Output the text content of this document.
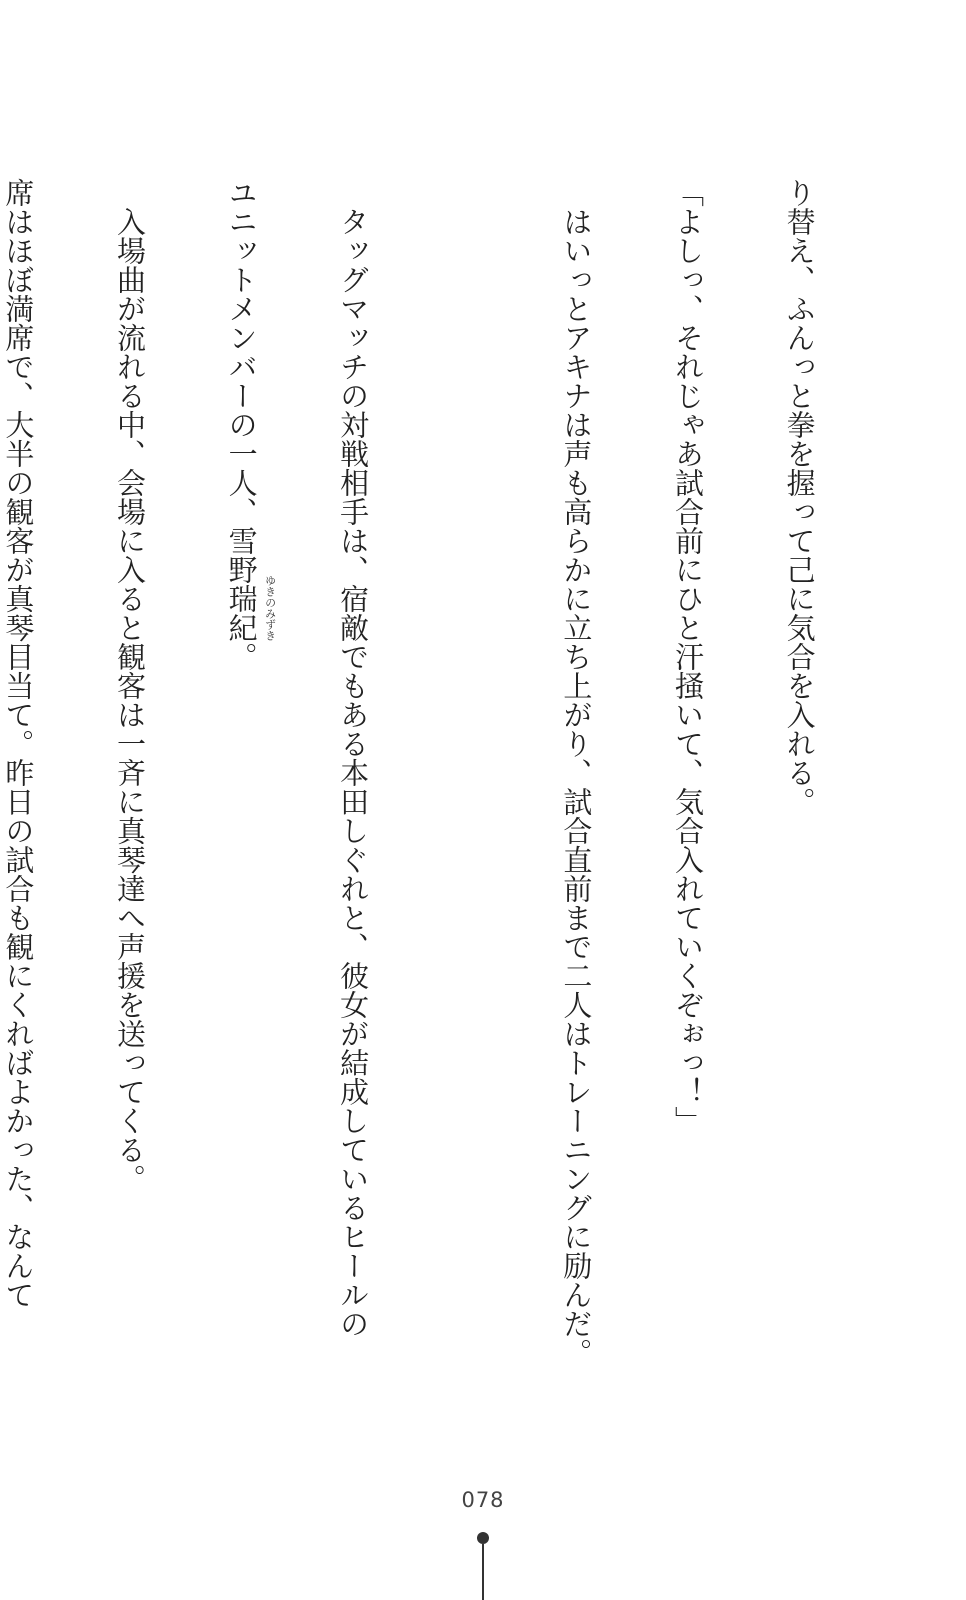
り替え、ふんっと拳を握って己に気合を入れる。

「よしっ、それじゃあ試合前にひと汗掻いて、気合入れていくぞぉっ！」

　はいっとアキナは声も高らかに立ち上がり、試合直前まで二人はトレーニングに励んだ。

　タッグマッチの対戦相手は、宿敵でもある本田しぐれと、彼女が結成しているヒールの

ユニットメンバーの一人、雪野瑞紀。 ゆきのみずき

　入場曲が流れる中、会場に入ると観客は一斉に真琴達へ声援を送ってくる。

席はほぼ満席で、大半の観客が真琴目当て。昨日の試合も観にくればよかった、なんて

078
